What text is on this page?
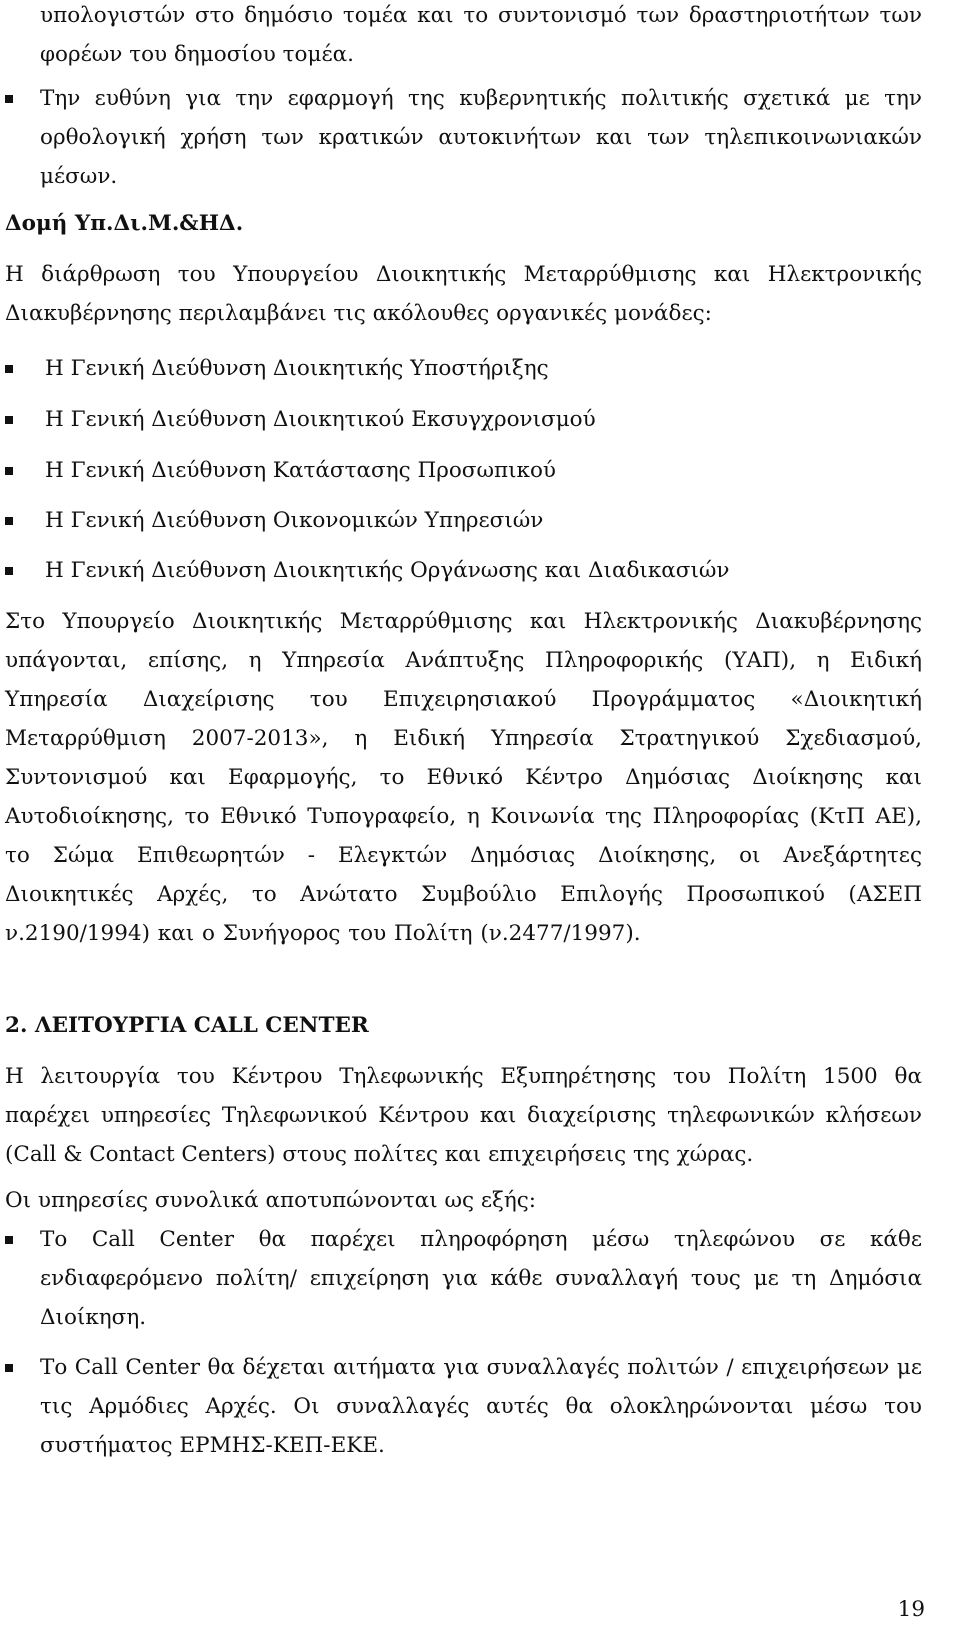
υπολογιστών στο δημόσιο τομέα και το συντονισμό των δραστηριοτήτων των φορέων του δημοσίου τομέα.
Την ευθύνη για την εφαρμογή της κυβερνητικής πολιτικής σχετικά με την ορθολογική χρήση των κρατικών αυτοκινήτων και των τηλεπικοινωνιακών μέσων.
Δομή Υπ.Δι.Μ.&ΗΔ.
Η διάρθρωση του Υπουργείου Διοικητικής Μεταρρύθμισης και Ηλεκτρονικής Διακυβέρνησης περιλαμβάνει τις ακόλουθες οργανικές μονάδες:
Η Γενική Διεύθυνση Διοικητικής Υποστήριξης
Η Γενική Διεύθυνση Διοικητικού Εκσυγχρονισμού
Η Γενική Διεύθυνση Κατάστασης Προσωπικού
Η Γενική Διεύθυνση Οικονομικών Υπηρεσιών
Η Γενική Διεύθυνση Διοικητικής Οργάνωσης και Διαδικασιών
Στο Υπουργείο Διοικητικής Μεταρρύθμισης και Ηλεκτρονικής Διακυβέρνησης υπάγονται, επίσης, η Υπηρεσία Ανάπτυξης Πληροφορικής (ΥΑΠ), η Ειδική Υπηρεσία Διαχείρισης του Επιχειρησιακού Προγράμματος «Διοικητική Μεταρρύθμιση 2007-2013», η Ειδική Υπηρεσία Στρατηγικού Σχεδιασμού, Συντονισμού και Εφαρμογής, το Εθνικό Κέντρο Δημόσιας Διοίκησης και Αυτοδιοίκησης, το Εθνικό Τυπογραφείο, η Κοινωνία της Πληροφορίας (ΚτΠ ΑΕ), το Σώμα Επιθεωρητών - Ελεγκτών Δημόσιας Διοίκησης, οι Ανεξάρτητες Διοικητικές Αρχές, το Ανώτατο Συμβούλιο Επιλογής Προσωπικού (ΑΣΕΠ ν.2190/1994) και ο Συνήγορος του Πολίτη (ν.2477/1997).
2. ΛΕΙΤΟΥΡΓΙΑ CALL CENTER
Η λειτουργία του Κέντρου Τηλεφωνικής Εξυπηρέτησης του Πολίτη 1500 θα παρέχει υπηρεσίες Τηλεφωνικού Κέντρου και διαχείρισης τηλεφωνικών κλήσεων (Call & Contact Centers) στους πολίτες και επιχειρήσεις της χώρας.
Οι υπηρεσίες συνολικά αποτυπώνονται ως εξής:
Το Call Center θα παρέχει πληροφόρηση μέσω τηλεφώνου σε κάθε ενδιαφερόμενο πολίτη/ επιχείρηση για κάθε συναλλαγή τους με τη Δημόσια Διοίκηση.
Το Call Center θα δέχεται αιτήματα για συναλλαγές πολιτών / επιχειρήσεων με τις Αρμόδιες Αρχές. Οι συναλλαγές αυτές θα ολοκληρώνονται μέσω του συστήματος ΕΡΜΗΣ-ΚΕΠ-ΕΚΕ.
19
